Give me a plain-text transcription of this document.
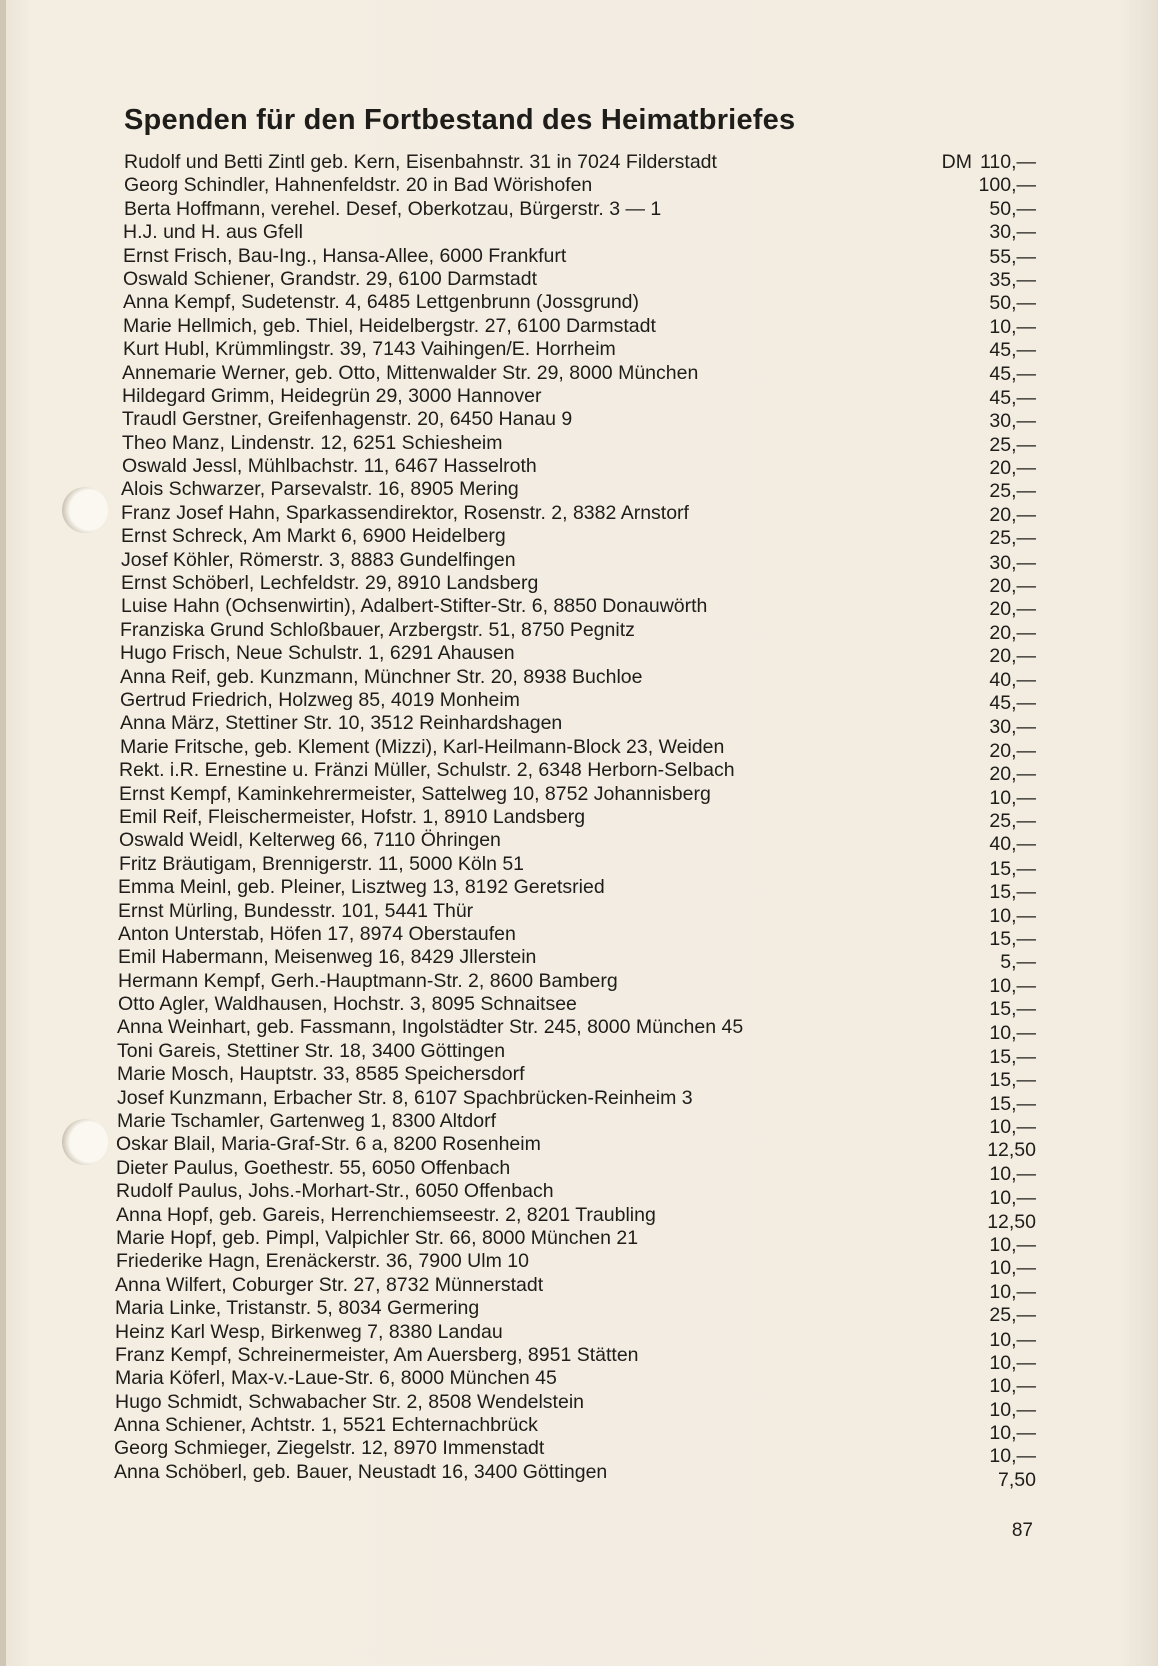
Spenden für den Fortbestand des Heimatbriefes
Rudolf und Betti Zintl geb. Kern, Eisenbahnstr. 31 in 7024 Filderstadt	DM 110,—
Georg Schindler, Hahnenfeldstr. 20 in Bad Wörishofen	100,—
Berta Hoffmann, verehel. Desef, Oberkotzau, Bürgerstr. 3 — 1	50,—
H.J. und H. aus Gfell	30,—
Ernst Frisch, Bau-Ing., Hansa-Allee, 6000 Frankfurt	55,—
Oswald Schiener, Grandstr. 29, 6100 Darmstadt	35,—
Anna Kempf, Sudetenstr. 4, 6485 Lettgenbrunn (Jossgrund)	50,—
Marie Hellmich, geb. Thiel, Heidelbergstr. 27, 6100 Darmstadt	10,—
Kurt Hubl, Krümmlingstr. 39, 7143 Vaihingen/E. Horrheim	45,—
Annemarie Werner, geb. Otto, Mittenwalder Str. 29, 8000 München	45,—
Hildegard Grimm, Heidegrün 29, 3000 Hannover	45,—
Traudl Gerstner, Greifenhagenstr. 20, 6450 Hanau 9	30,—
Theo Manz, Lindenstr. 12, 6251 Schiesheim	25,—
Oswald Jessl, Mühlbachstr. 11, 6467 Hasselroth	20,—
Alois Schwarzer, Parsevalstr. 16, 8905 Mering	25,—
Franz Josef Hahn, Sparkassendirektor, Rosenstr. 2, 8382 Arnstorf	20,—
Ernst Schreck, Am Markt 6, 6900 Heidelberg	25,—
Josef Köhler, Römerstr. 3, 8883 Gundelfingen	30,—
Ernst Schöberl, Lechfeldstr. 29, 8910 Landsberg	20,—
Luise Hahn (Ochsenwirtin), Adalbert-Stifter-Str. 6, 8850 Donauwörth	20,—
Franziska Grund Schloßbauer, Arzbergstr. 51, 8750 Pegnitz	20,—
Hugo Frisch, Neue Schulstr. 1, 6291 Ahausen	20,—
Anna Reif, geb. Kunzmann, Münchner Str. 20, 8938 Buchloe	40,—
Gertrud Friedrich, Holzweg 85, 4019 Monheim	45,—
Anna März, Stettiner Str. 10, 3512 Reinhardshagen	30,—
Marie Fritsche, geb. Klement (Mizzi), Karl-Heilmann-Block 23, Weiden	20,—
Rekt. i.R. Ernestine u. Fränzi Müller, Schulstr. 2, 6348 Herborn-Selbach	20,—
Ernst Kempf, Kaminkehrermeister, Sattelweg 10, 8752 Johannisberg	10,—
Emil Reif, Fleischermeister, Hofstr. 1, 8910 Landsberg	25,—
Oswald Weidl, Kelterweg 66, 7110 Öhringen	40,—
Fritz Bräutigam, Brennigerstr. 11, 5000 Köln 51	15,—
Emma Meinl, geb. Pleiner, Lisztweg 13, 8192 Geretsried	15,—
Ernst Mürling, Bundesstr. 101, 5441 Thür	10,—
Anton Unterstab, Höfen 17, 8974 Oberstaufen	15,—
Emil Habermann, Meisenweg 16, 8429 Jllerstein	5,—
Hermann Kempf, Gerh.-Hauptmann-Str. 2, 8600 Bamberg	10,—
Otto Agler, Waldhausen, Hochstr. 3, 8095 Schnaitsee	15,—
Anna Weinhart, geb. Fassmann, Ingolstädter Str. 245, 8000 München 45	10,—
Toni Gareis, Stettiner Str. 18, 3400 Göttingen	15,—
Marie Mosch, Hauptstr. 33, 8585 Speichersdorf	15,—
Josef Kunzmann, Erbacher Str. 8, 6107 Spachbrücken-Reinheim 3	15,—
Marie Tschamler, Gartenweg 1, 8300 Altdorf	10,—
Oskar Blail, Maria-Graf-Str. 6 a, 8200 Rosenheim	12,50
Dieter Paulus, Goethestr. 55, 6050 Offenbach	10,—
Rudolf Paulus, Johs.-Morhart-Str., 6050 Offenbach	10,—
Anna Hopf, geb. Gareis, Herrenchiemseestr. 2, 8201 Traubling	12,50
Marie Hopf, geb. Pimpl, Valpichler Str. 66, 8000 München 21	10,—
Friederike Hagn, Erenäckerstr. 36, 7900 Ulm 10	10,—
Anna Wilfert, Coburger Str. 27, 8732 Münnerstadt	10,—
Maria Linke, Tristanstr. 5, 8034 Germering	25,—
Heinz Karl Wesp, Birkenweg 7, 8380 Landau	10,—
Franz Kempf, Schreinermeister, Am Auersberg, 8951 Stätten	10,—
Maria Köferl, Max-v.-Laue-Str. 6, 8000 München 45	10,—
Hugo Schmidt, Schwabacher Str. 2, 8508 Wendelstein	10,—
Anna Schiener, Achtstr. 1, 5521 Echternachbrück	10,—
Georg Schmieger, Ziegelstr. 12, 8970 Immenstadt	10,—
Anna Schöberl, geb. Bauer, Neustadt 16, 3400 Göttingen	7,50
87
